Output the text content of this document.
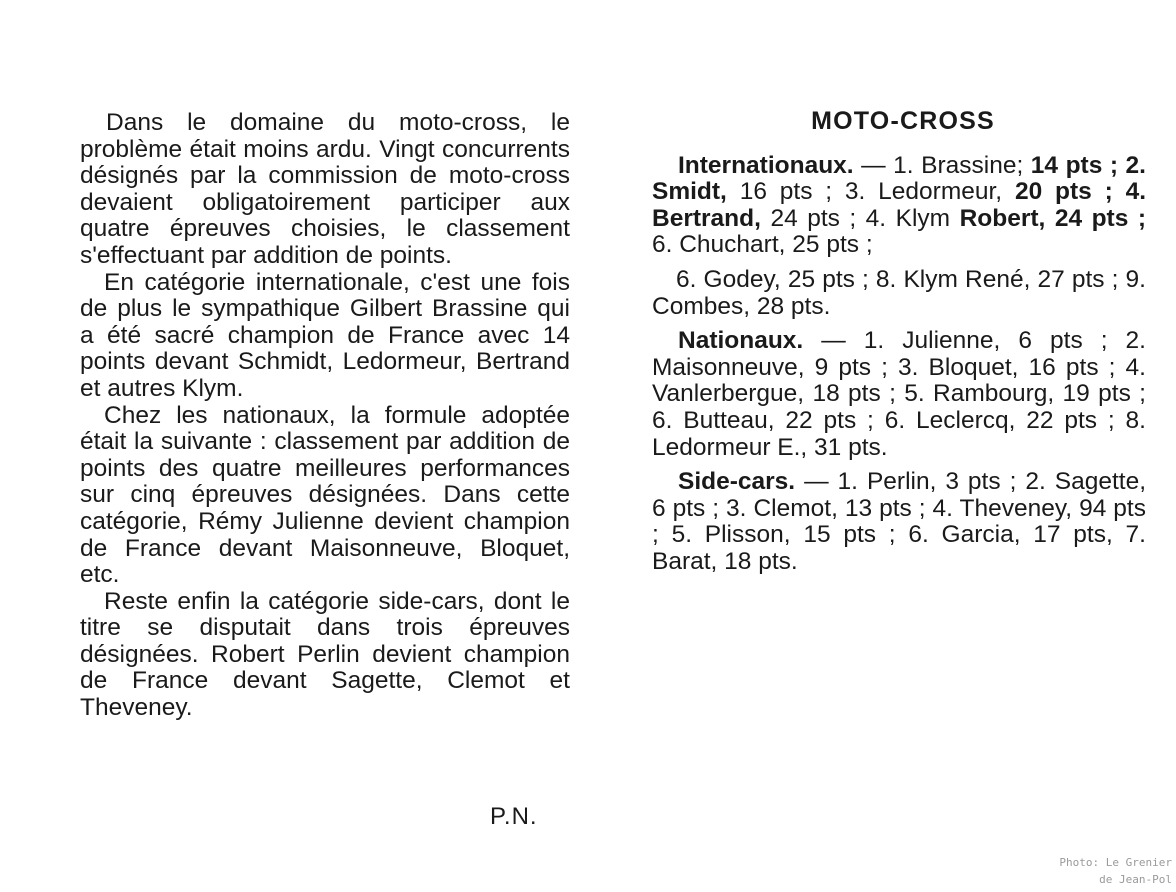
Dans le domaine du moto-cross, le problème était moins ardu. Vingt concurrents désignés par la commission de moto-cross devaient obligatoirement participer aux quatre épreuves choisies, le classement s'effectuant par addition de points.

En catégorie internationale, c'est une fois de plus le sympathique Gilbert Brassine qui a été sacré champion de France avec 14 points devant Schmidt, Ledormeur, Bertrand et autres Klym.

Chez les nationaux, la formule adoptée était la suivante : classement par addition de points des quatre meilleures performances sur cinq épreuves désignées. Dans cette catégorie, Rémy Julienne devient champion de France devant Maisonneuve, Bloquet, etc.

Reste enfin la catégorie side-cars, dont le titre se disputait dans trois épreuves désignées. Robert Perlin devient champion de France devant Sagette, Clemot et Theveney.

P.N.
MOTO-CROSS

Internationaux. — 1. Brassine; 14 pts ; 2. Smidt, 16 pts ; 3. Ledormeur, 20 pts ; 4. Bertrand, 24 pts ; 4. Klym Robert, 24 pts ; 6. Chuchart, 25 pts ;

6. Godey, 25 pts ; 8. Klym René, 27 pts ; 9. Combes, 28 pts.

Nationaux. — 1. Julienne, 6 pts ; 2. Maisonneuve, 9 pts ; 3. Bloquet, 16 pts ; 4. Vanlerbergue, 18 pts ; 5. Rambourg, 19 pts ; 6. Butteau, 22 pts ; 6. Leclercq, 22 pts ; 8. Ledormeur E., 31 pts.

Side-cars. — 1. Perlin, 3 pts ; 2. Sagette, 6 pts ; 3. Clemot, 13 pts ; 4. Theveney, 94 pts ; 5. Plisson, 15 pts ; 6. Garcia, 17 pts, 7. Barat, 18 pts.

Photo: Le Grenier
de Jean-Pol
